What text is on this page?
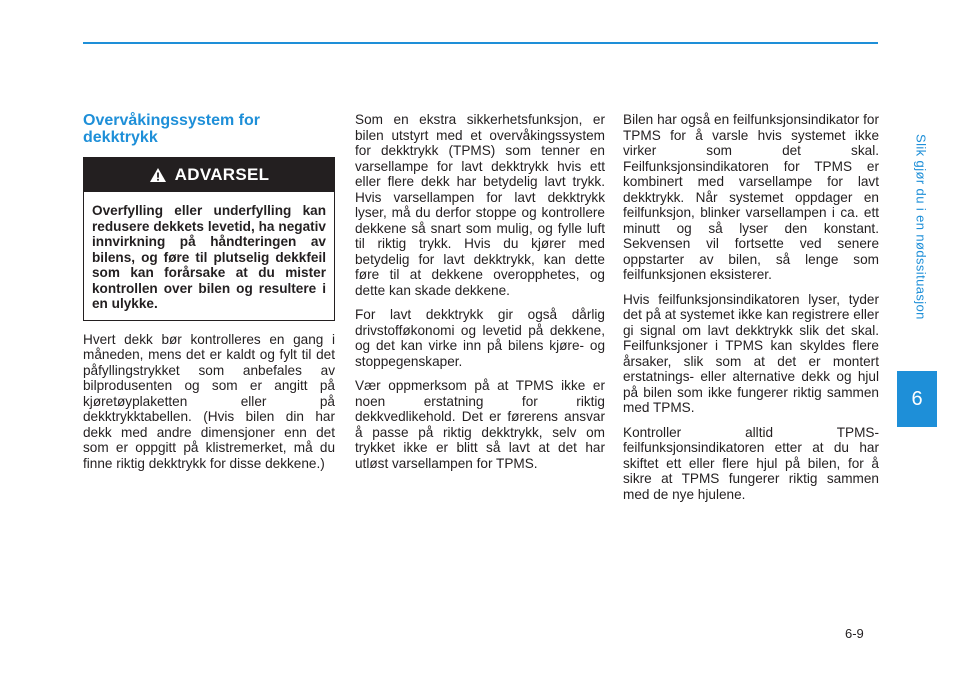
Slik gjør du i en nødssituasjon
6
Overvåkingssystem for dekktrykk
ADVARSEL
Overfylling eller underfylling kan redusere dekkets levetid, ha negativ innvirkning på håndteringen av bilens, og føre til plutselig dekkfeil som kan forårsake at du mister kontrollen over bilen og resultere i en ulykke.

Hvert dekk bør kontrolleres en gang i måneden, mens det er kaldt og fylt til det påfyllingstrykket som anbefales av bilprodusenten og som er angitt på kjøretøyplaketten eller på dekktrykktabellen. (Hvis bilen din har dekk med andre dimensjoner enn det som er oppgitt på klistremerket, må du finne riktig dekktrykk for disse dekkene.)

Som en ekstra sikkerhetsfunksjon, er bilen utstyrt med et overvåkingssystem for dekktrykk (TPMS) som tenner en varsellampe for lavt dekktrykk hvis ett eller flere dekk har betydelig lavt trykk. Hvis varsellampen for lavt dekktrykk lyser, må du derfor stoppe og kontrollere dekkene så snart som mulig, og fylle luft til riktig trykk. Hvis du kjører med betydelig for lavt dekktrykk, kan dette føre til at dekkene overopphetes, og dette kan skade dekkene.

For lavt dekktrykk gir også dårlig drivstofføkonomi og levetid på dekkene, og det kan virke inn på bilens kjøre- og stoppegenskaper.

Vær oppmerksom på at TPMS ikke er noen erstatning for riktig dekkvedlikehold. Det er førerens ansvar å passe på riktig dekktrykk, selv om trykket ikke er blitt så lavt at det har utløst varsellampen for TPMS.

Bilen har også en feilfunksjonsindikator for TPMS for å varsle hvis systemet ikke virker som det skal. Feilfunksjonsindikatoren for TPMS er kombinert med varsellampe for lavt dekktrykk. Når systemet oppdager en feilfunksjon, blinker varsellampen i ca. ett minutt og så lyser den konstant. Sekvensen vil fortsette ved senere oppstarter av bilen, så lenge som feilfunksjonen eksisterer.

Hvis feilfunksjonsindikatoren lyser, tyder det på at systemet ikke kan registrere eller gi signal om lavt dekktrykk slik det skal. Feilfunksjoner i TPMS kan skyldes flere årsaker, slik som at det er montert erstatnings- eller alternative dekk og hjul på bilen som ikke fungerer riktig sammen med TPMS.

Kontroller alltid TPMS-feilfunksjonsindikatoren etter at du har skiftet ett eller flere hjul på bilen, for å sikre at TPMS fungerer riktig sammen med de nye hjulene.

6-9
